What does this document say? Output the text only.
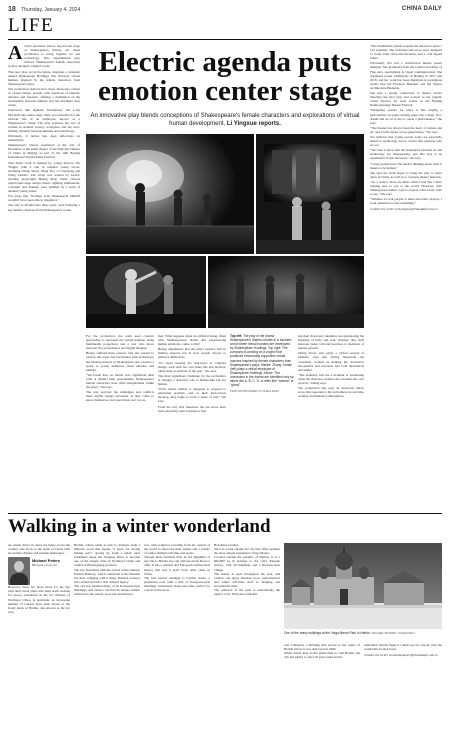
18 Thursday, January 4, 2024	CHINA DAILY
LIFE

Artistic heartbeat echoes beyond the stage at Shakespeare's Sisters, the latest production to bring together art and technology. This experimental play follows Shakespeare's female characters as they navigate a digital world.

This new play, set in the future, imagines a company named Shakespeare Holdings that develops virtual humans inspired by the female characters from Shakespeare's plays.

The production explores how these characters, reborn as virtual beings, grapple with questions of identity, emotion and freedom, offering a meditation on the relationship between humans and the machines they create.

Characters like Ophelia, Desdemona and Lady Macbeth take center stage. They are reinvented for the 24-hour life of an employee, known as a Shakespeare's Sister. The play explores the role of women in modern society, workplace and the ever-shifting dynamic between humans and technology.

Ultimately, it delves into deep reflections on authenticity.

Shakespeare's Sisters premiered at the end of December at the small theater of the National Theater of China in Beijing as part of the 10th Beijing International Youth Drama Festival.

This debut work is helmed by young director Wu Yingjie, with a cast of talented young actors, including Zhang Siwei, Wang Yao, Li Chenyang and Wang Lumiao. The script was written by award-winning playwright Huang Ying, while various aspects like stage design, music, lighting, multimedia, costumes and makeup were handled by a team of talented young artists.

Wu jokes that "Perhaps even Shakespeare himself wouldn't have been able to imagine it."

The play is divided into three parts, each featuring a key female character from Shakespeare's works.

Electric agenda puts emotion center stage
An innovative play blends conceptions of Shakespeare's female characters and explorations of virtual human development, Li Yingxue reports.

For the production, the team used creative approaches to represent the virtual humans, using multimedia projections and a cast who move between live performance and digital imagery.

Huang outlined three reasons why she wanted to explore this topic: her fascination with technology, her lifelong interest in Shakespeare and a desire to speak to young audiences about emotion and identity.

"We found that, no matter how significant their roles or distinct their personalities, Shakespeare's female characters were often marginalized within the plays," she says.

The play portrays the challenges and conflicts these digital beings encounter as they come to know themselves and assert their own voices.

fied. What happens when an artificial being, filled with Shakespearean drama and experiencing human emotions, comes to life?

Huang emphasizes that the play's essence isn't in finding answers but in how people choose to embrace differences.

"It's about treating the characters as complex beings, each with her own inner life and motives, rather than as symbols of the past," she says.

The most significant challenge for the performers is shaping a character who is human-like but not human.

"Each virtual human is designed to respond to emotional prompts, and as their interactions develop, they begin to form a sense of self," Wu says.

From the very first rehearsal, the six actors have been exploring what it means to feel.

Top left: The play of the drama Shakespeare's Sisters unfolds in a futuristic world where virtual humans are developed by Shakespeare Holdings. Top right: The company is working on a project that produces emotionally supportive virtual humans inspired by female characters from Shakespeare's plays. Middle: Zhang Yuman (left) plays a virtual employee of Shakespeare Holdings. Above: The characters in the drama are identified only by labels like A, B, C, D, or titles like "woman" or "ghost".
PHOTOS PROVIDED TO CHINA DAILY

ing their characters' identities and questioning the meaning of body and soul. Onstage, they shift between being cold and heartless to moments of intense passion.

Zhang Siwei, who plays a virtual version of Ophelia, says that during rehearsals she constantly worked on making the character's movements and reactions feel both mechanical and tender.

"The audience will see a moment of awakening when the character realizes she can make her own choices," Zhang says.

The production also uses an electronic music score that responds to the performers in real time, creating an immersive atmosphere.

"The multimedia visuals expand the theatrical space," Cui explains. The costumes and prose were designed to evoke both old-world literature and a cold digital future.

Previously, Wu was a well-known theater poster designer. She graduated from the Central Academy of Fine Arts, specializing in visual communication. She organized poster exhibitions in Beijing in 2017 and 2019, and her work has been displayed at prestigious events like the Florence Biennale and the Venice Architecture Biennale.

She had a strong connection to theater before directing her first play and worked as the graphic visual director for such events as the Beijing Nanluoguxiang Theater Festival.

"Designing posters for plays is like staging a performance on paper, turning paper into a stage. It's a dream and an art to me to create a performance," she says.

"The theater has always been the heart of culture and art, and it tells stories across generations," Wu says.

Wu believes that young people today are especially drawn to technology and to stories that question who we are.

"We want to show that the boundaries between art and technology are disappearing, and this play is an experiment in that direction," she says.

"I hope people leave the theater thinking about what it means to be human."

She says the team hopes to bring the play to more cities in China, as well as to overseas theater festivals.

"As a creator, there are times when I feel like I have nothing new to say to the world. However, with Shakespeare's ladies, I get to express what I truly want to say," Wu says.

"Whether it's real people or these electronic players, I want audiences to feel something."

Contact the writer at liyingxue@chinadaily.com.cn

Walking in a winter wonderland

As winter draws in, there are many across the country who flock to the north of China with its warmer climate and pristine landscapes.

Michael Peters
Bilingual columnist

However, there are those more for the trip with their travel plans who head north looking for snowy adventures in the ice climates of Northeast China, in particular, an increasing number of tourists have been drawn to the frosty lands of Harbin, also known as the Ice City.

Harbin, whose name is said to originate from a Manchu word that means "a place for drying fishing nets", sprang up from a small rural settlement along the Songhua River to become one of the largest cities in Northeast China and capital of Heilongjiang province.

The city flourished with the arrival of the Chinese Eastern Railway, which connected to the Russian Far East, bringing with it many Russian workers who settled and left a rich cultural legacy.

The city has retained many of its European-style buildings, and visitors can find its unique culture reflected in the streets, food and architecture.

tors, with sculptors traveling from all corners of the world to showcase their talents and a variety of winter-themed activities and sports.

Though these festivals may be the highlight of any trip to Harbin, the city still has much more to offer. It has a cultural and European architectural history that sets it apart from other cities in China.

The best known example is Central Street, a pedestrian road with a mix of European-style buildings, restaurants, shops and cafes, perfect for a stroll in the snow.

Byzantine facades.

Yet it is a park outside the city that offers perhaps the most unique experience: Volga Manor.

Located outside the suburbs of Harbin, it is a 600,000 sq m homage to the city's Russian history, with 30 buildings and a Russian-style village.

The manor is open throughout the year, and visitors can enjoy Russian food, performances and winter activities such as sledging and snowmobile rides.

The pinnacle of the park is undoubtedly the replica of St. Nicholas Cathedral.

One of the many buildings at the Volga Manor Park in Harbin. MICHAEL PETERS / CHINA DAILY

olas Cathedral, a building that served as the center of Harbin before it was destroyed in 1966.

While winter may be the prime time to visit Harbin, the city has plenty to offer all year round and its

individual charms make it a must-see for anyone with the wanderlust in their heart.

Contact the writer at michaelpeters@chinadaily.com.cn
